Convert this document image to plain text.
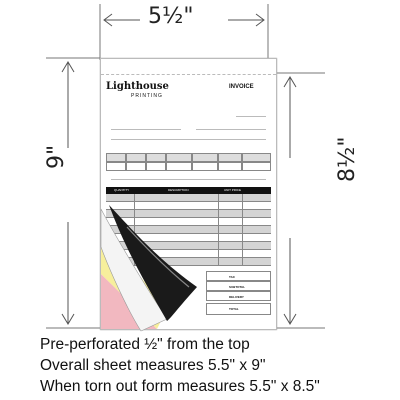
5½"
9"	8½"
Lighthouse
PRINTING
INVOICE
QUANTITY	DESCRIPTION	UNIT PRICE
TAX
SUBTOTAL
DELIVERY
TOTAL
Pre-perforated ½" from the top
Overall sheet measures 5.5" x 9"
When torn out form measures 5.5" x 8.5"
